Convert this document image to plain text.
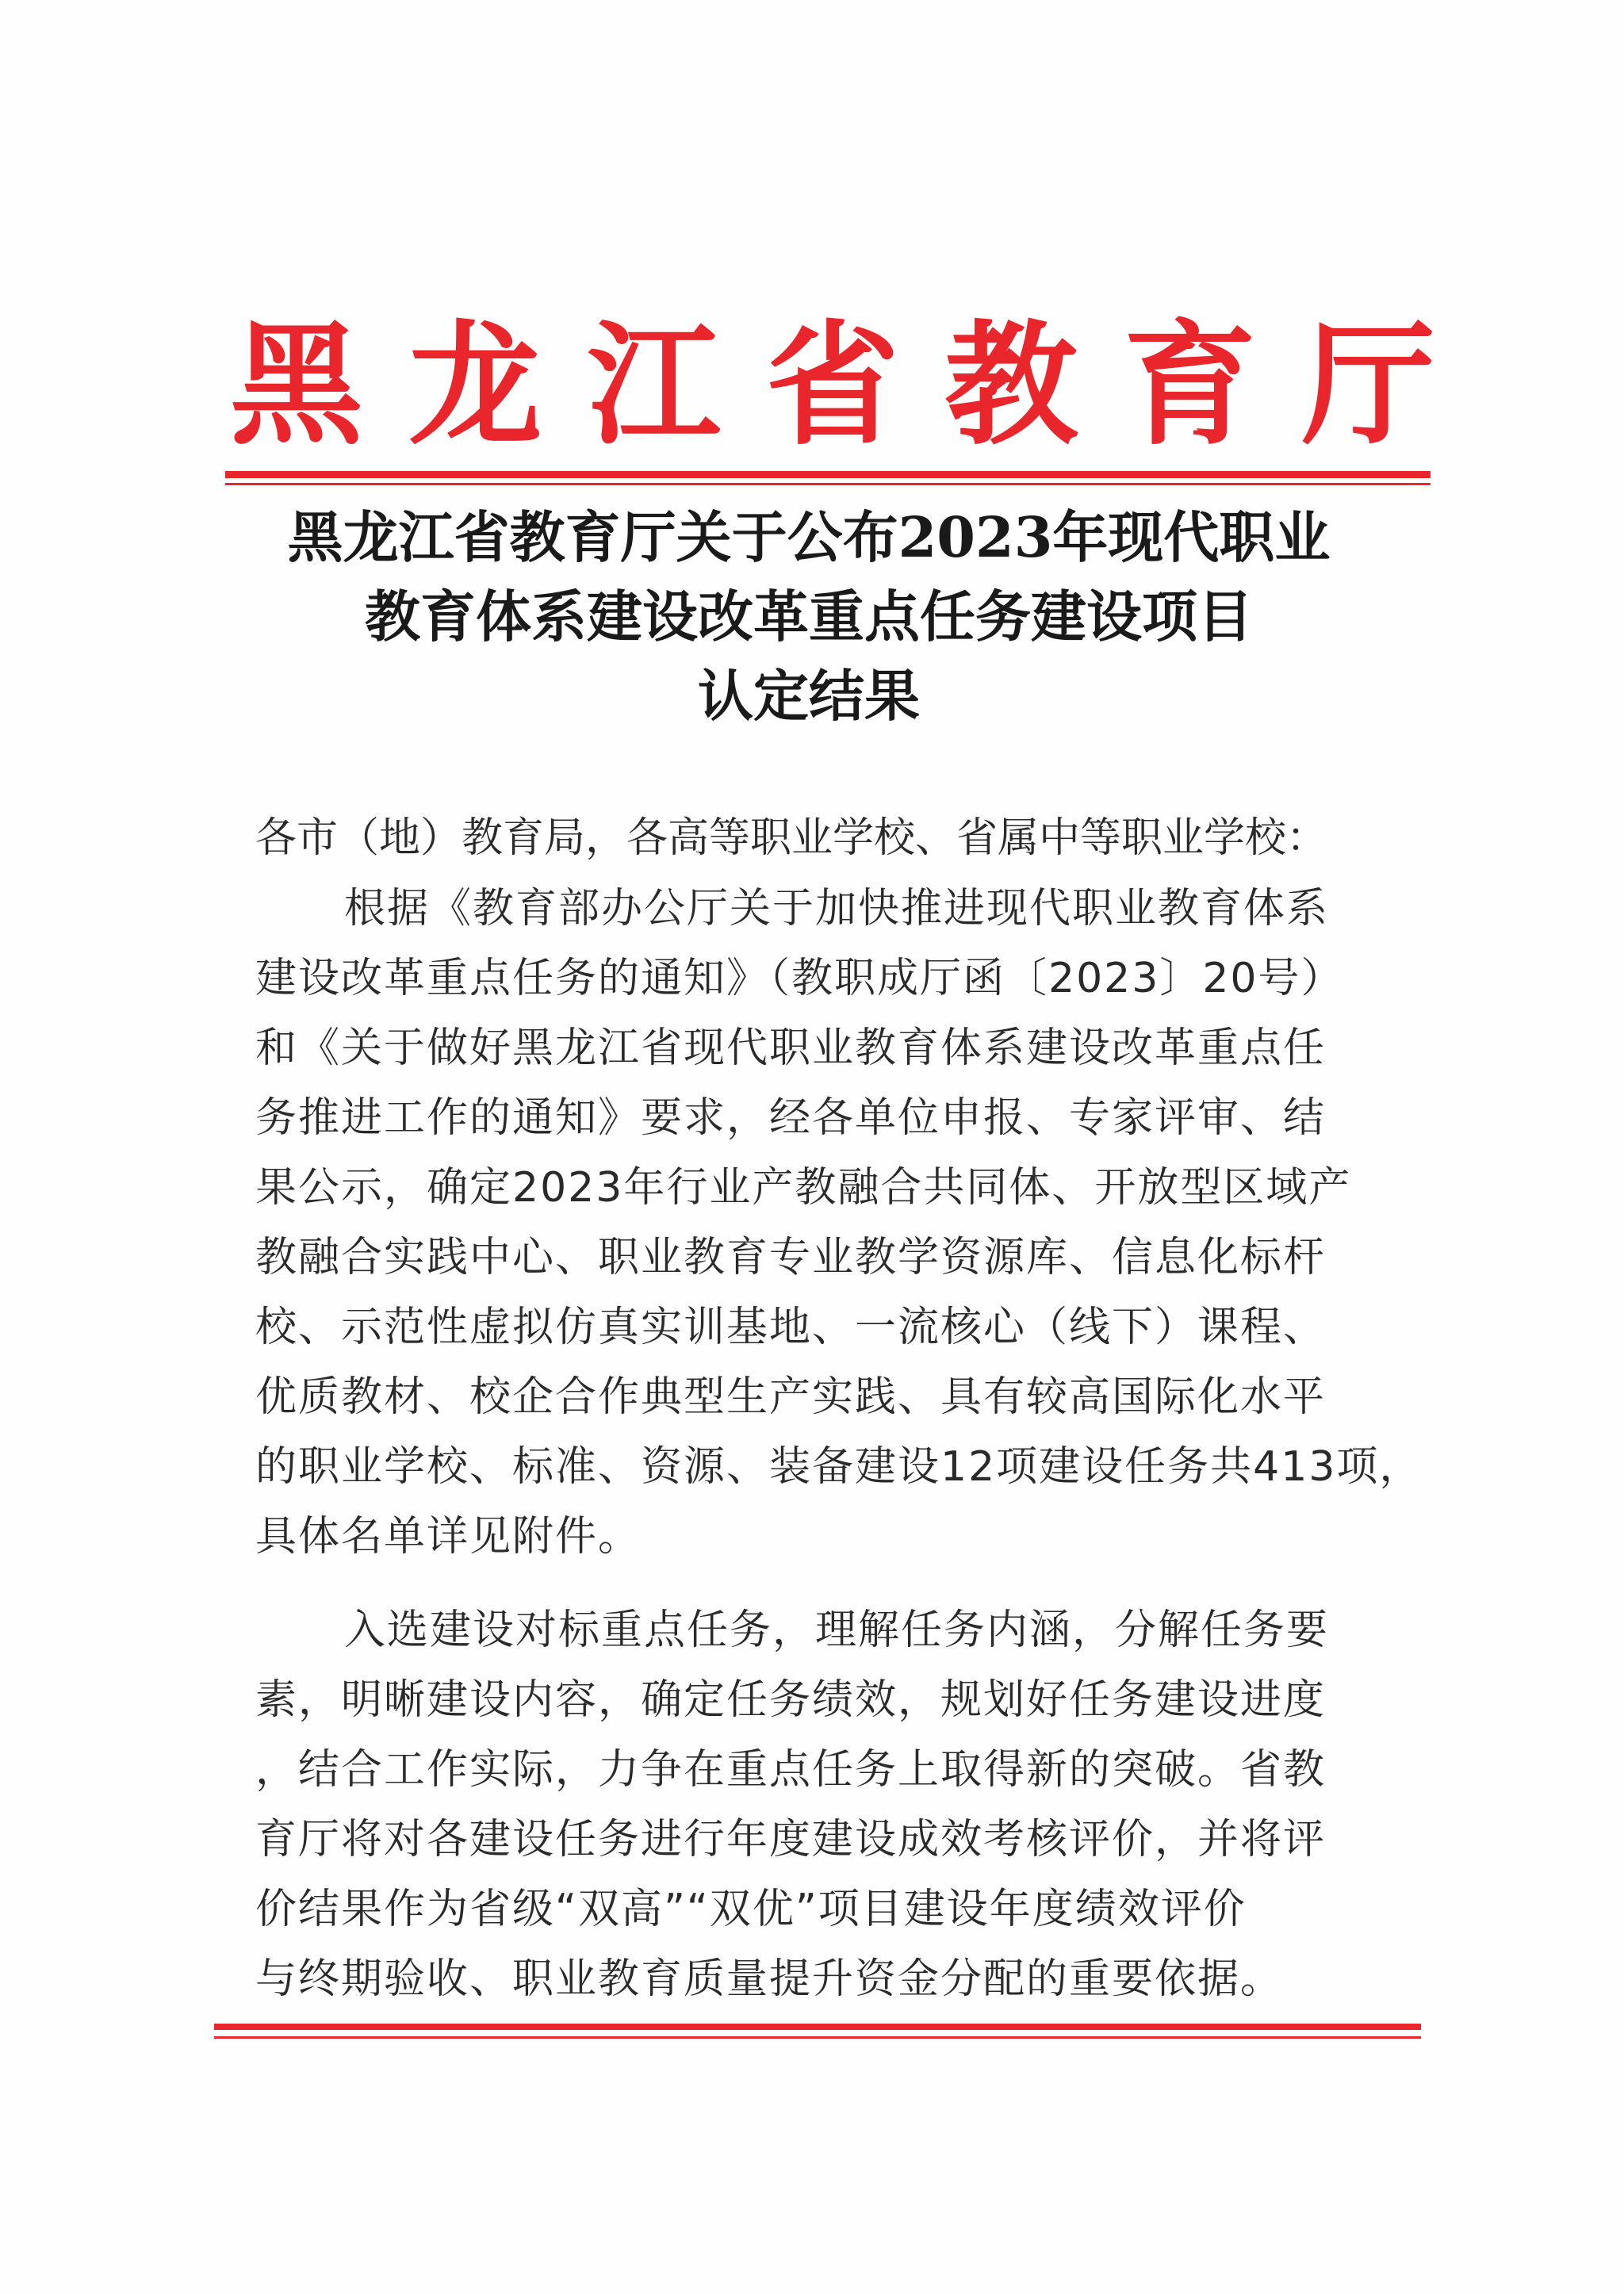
黑 龙 江 省 教 育 厅
黑龙江省教育厅关于公布2023年现代职业
教育体系建设改革重点任务建设项目
认定结果

各市（地）教育局，各高等职业学校、省属中等职业学校：

根据《教育部办公厅关于加快推进现代职业教育体系

建设改革重点任务的通知》（教职成厅函〔2023〕20号）

和《关于做好黑龙江省现代职业教育体系建设改革重点任

务推进工作的通知》要求，经各单位申报、专家评审、结

果公示，确定2023年行业产教融合共同体、开放型区域产

教融合实践中心、职业教育专业教学资源库、信息化标杆

校、示范性虚拟仿真实训基地、一流核心（线下）课程、

优质教材、校企合作典型生产实践、具有较高国际化水平

的职业学校、标准、资源、装备建设12项建设任务共413项，

具体名单详见附件。

入选建设对标重点任务，理解任务内涵，分解任务要

素，明晰建设内容，确定任务绩效，规划好任务建设进度

，结合工作实际，力争在重点任务上取得新的突破。省教

育厅将对各建设任务进行年度建设成效考核评价，并将评

价结果作为省级“双高”“双优”项目建设年度绩效评价

与终期验收、职业教育质量提升资金分配的重要依据。
